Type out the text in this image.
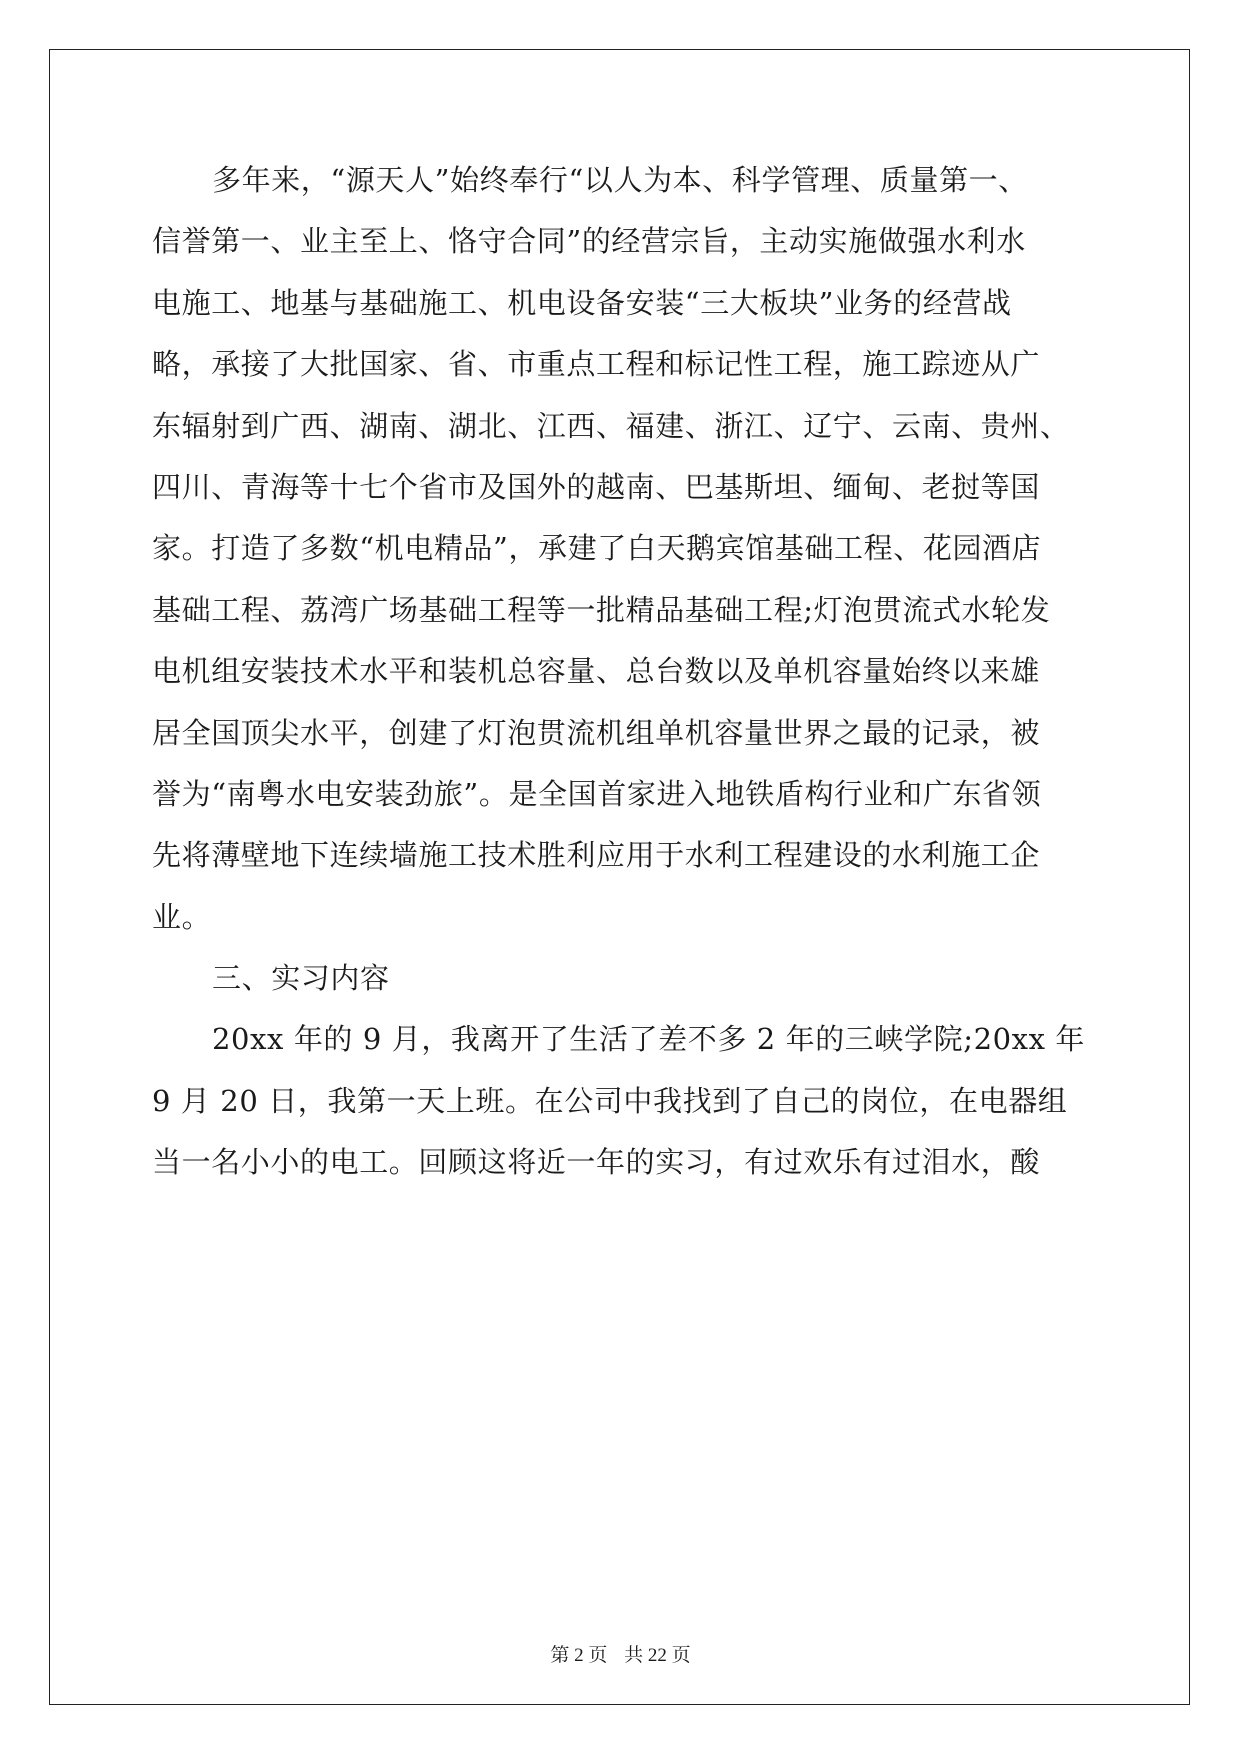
多年来，“源天人”始终奉行“以人为本、科学管理、质量第一、
信誉第一、业主至上、恪守合同”的经营宗旨，主动实施做强水利水
电施工、地基与基础施工、机电设备安装“三大板块”业务的经营战
略，承接了大批国家、省、市重点工程和标记性工程，施工踪迹从广
东辐射到广西、湖南、湖北、江西、福建、浙江、辽宁、云南、贵州、
四川、青海等十七个省市及国外的越南、巴基斯坦、缅甸、老挝等国
家。打造了多数“机电精品”，承建了白天鹅宾馆基础工程、花园酒店
基础工程、荔湾广场基础工程等一批精品基础工程;灯泡贯流式水轮发
电机组安装技术水平和装机总容量、总台数以及单机容量始终以来雄
居全国顶尖水平，创建了灯泡贯流机组单机容量世界之最的记录，被
誉为“南粤水电安装劲旅”。是全国首家进入地铁盾构行业和广东省领
先将薄壁地下连续墙施工技术胜利应用于水利工程建设的水利施工企
业。
三、实习内容
20xx 年的 9 月，我离开了生活了差不多 2 年的三峡学院;20xx 年
9 月 20 日，我第一天上班。在公司中我找到了自己的岗位，在电器组
当一名小小的电工。回顾这将近一年的实习，有过欢乐有过泪水，酸
第 2 页 共 22 页
